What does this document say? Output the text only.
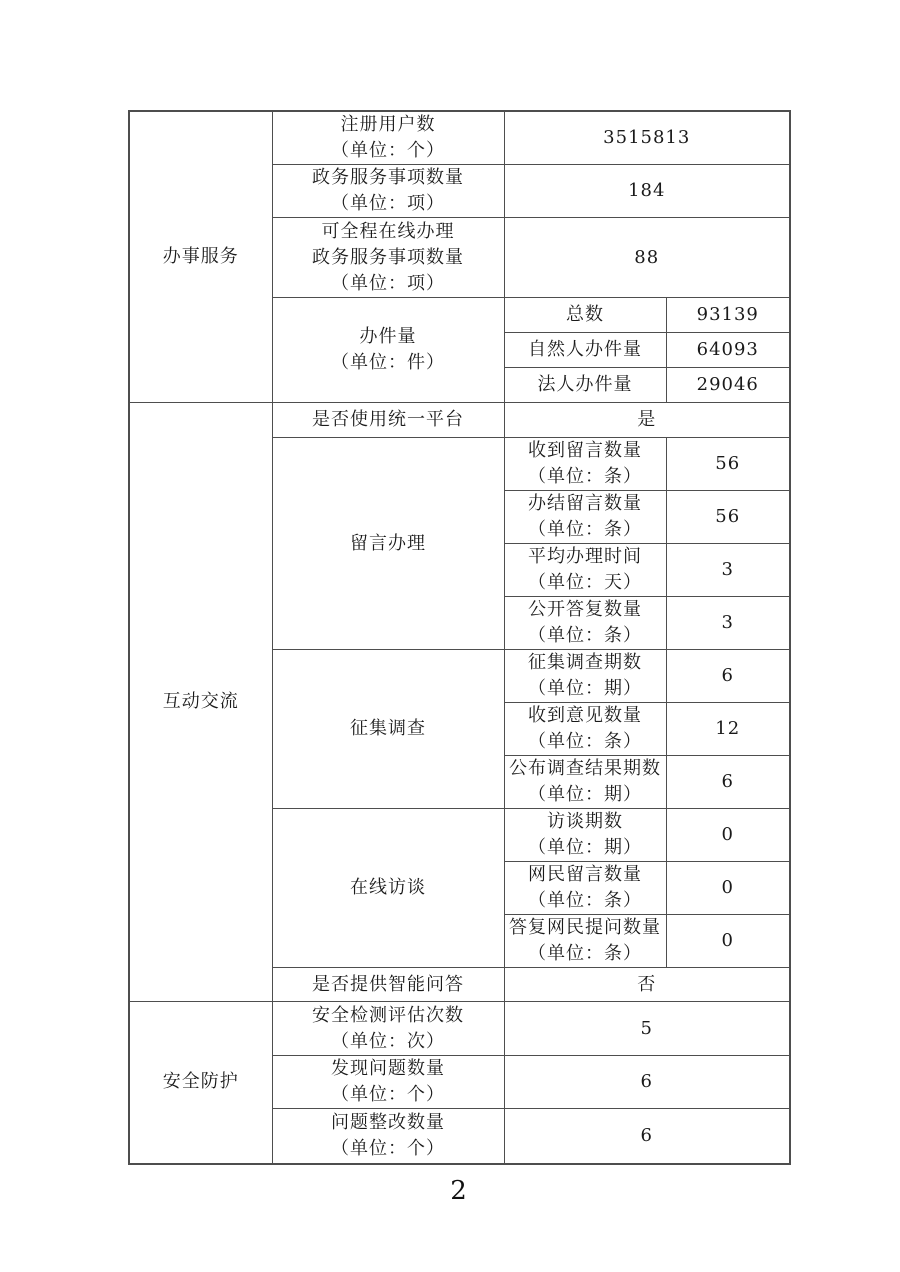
办事服务	注册用户数
（单位：个）	3515813	

	政务服务事项数量
（单位：项）	184	

	可全程在线办理
政务服务事项数量
（单位：项）	88	

	办件量
（单位：件）	总数	93139
		自然人办件量	64093
		法人办件量	29046

互动交流	是否使用统一平台	是	

	留言办理	收到留言数量
（单位：条）	56

		办结留言数量
（单位：条）	56

		平均办理时间
（单位：天）	3

		公开答复数量
（单位：条）	3

	征集调查	征集调查期数
（单位：期）	6

		收到意见数量
（单位：条）	12

		公布调查结果期数
（单位：期）	6

	在线访谈	访谈期数
（单位：期）	0

		网民留言数量
（单位：条）	0

		答复网民提问数量
（单位：条）	0

	是否提供智能问答	否	

安全防护	安全检测评估次数
（单位：次）	5	

	发现问题数量
（单位：个）	6	

	问题整改数量
（单位：个）	6	
2
